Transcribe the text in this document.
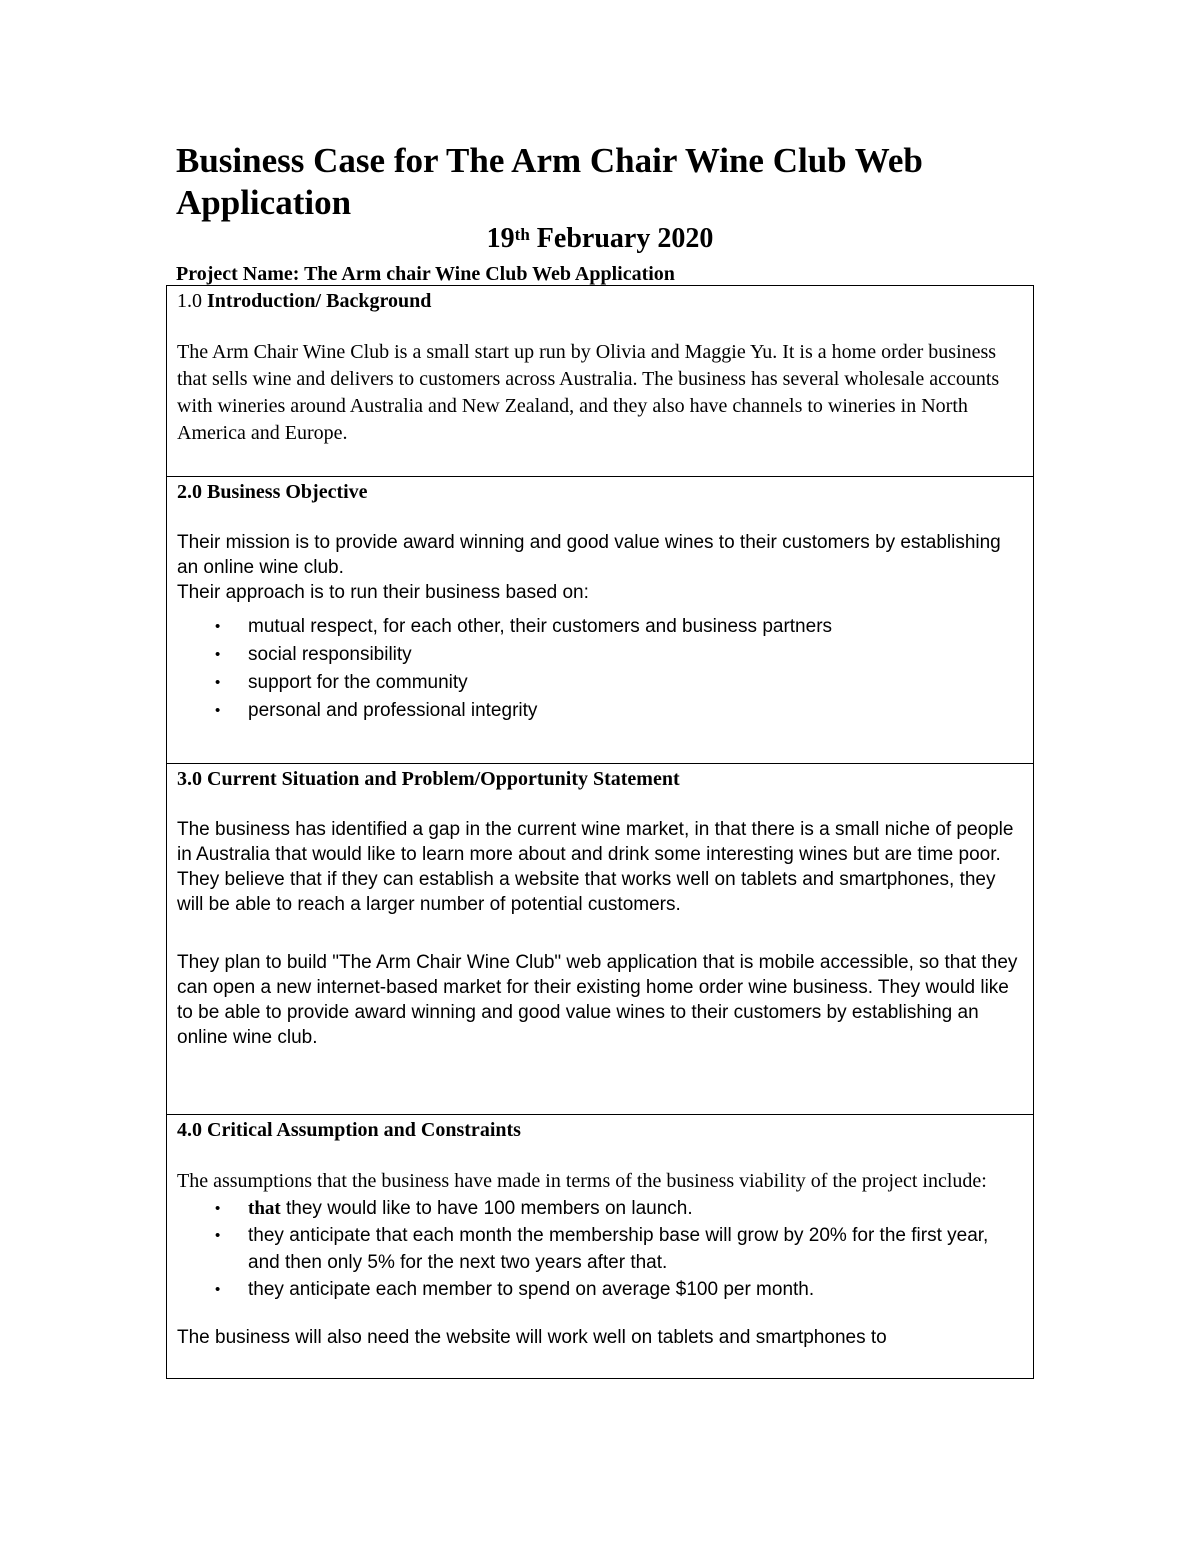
Business Case for The Arm Chair Wine Club Web Application
19th February 2020
Project Name: The Arm chair Wine Club Web Application
1.0 Introduction/ Background

The Arm Chair Wine Club is a small start up run by Olivia and Maggie Yu. It is a home order business that sells wine and delivers to customers across Australia. The business has several wholesale accounts with wineries around Australia and New Zealand, and they also have channels to wineries in North America and Europe.

2.0 Business Objective

Their mission is to provide award winning and good value wines to their customers by establishing an online wine club.

Their approach is to run their business based on:

• mutual respect, for each other, their customers and business partners
• social responsibility
• support for the community
• personal and professional integrity
3.0 Current Situation and Problem/Opportunity Statement

The business has identified a gap in the current wine market, in that there is a small niche of people in Australia that would like to learn more about and drink some interesting wines but are time poor. They believe that if they can establish a website that works well on tablets and smartphones, they will be able to reach a larger number of potential customers.

They plan to build "The Arm Chair Wine Club" web application that is mobile accessible, so that they can open a new internet-based market for their existing home order wine business. They would like to be able to provide award winning and good value wines to their customers by establishing an online wine club.

4.0 Critical Assumption and Constraints

The assumptions that the business have made in terms of the business viability of the project include:

• that they would like to have 100 members on launch.
• they anticipate that each month the membership base will grow by 20% for the first year, and then only 5% for the next two years after that.
• they anticipate each member to spend on average $100 per month.

The business will also need the website will work well on tablets and smartphones to
